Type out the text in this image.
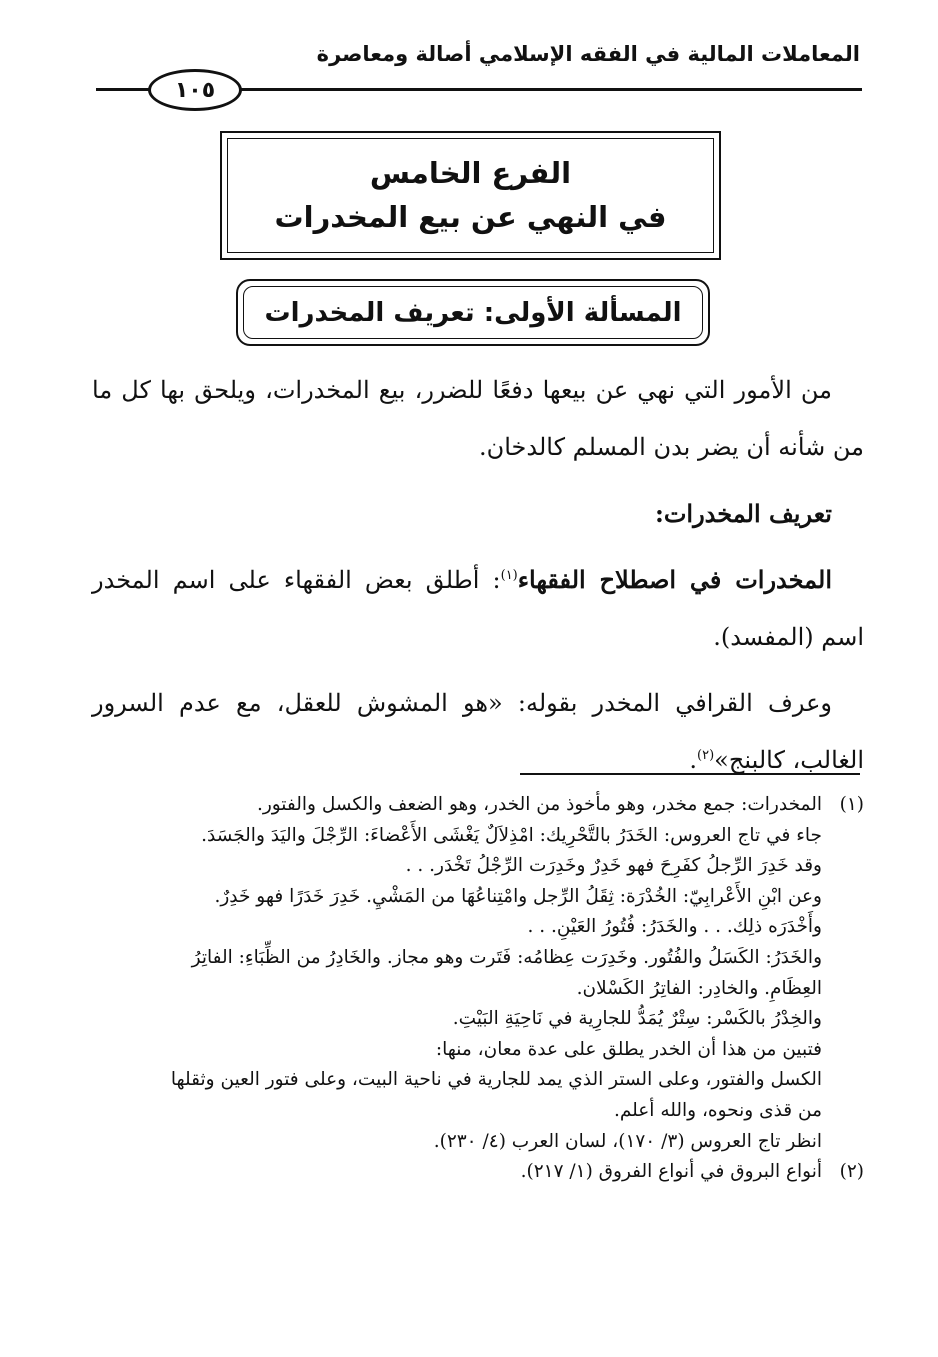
المعاملات المالية في الفقه الإسلامي أصالة ومعاصرة
١٠٥
الفرع الخامس
في النهي عن بيع المخدرات
المسألة الأولى: تعريف المخدرات

من الأمور التي نهي عن بيعها دفعًا للضرر، بيع المخدرات، ويلحق بها كل ما من شأنه أن يضر بدن المسلم كالدخان.

تعريف المخدرات:

المخدرات في اصطلاح الفقهاء$^{(١)}$: أطلق بعض الفقهاء على اسم المخدر اسم (المفسد).

وعرف القرافي المخدر بقوله: «هو المشوش للعقل، مع عدم السرور الغالب، كالبنج»$^{(٢)}$.

(١)
المخدرات: جمع مخدر، وهو مأخوذ من الخدر، وهو الضعف والكسل والفتور.
جاء في تاج العروس: الخَدَرُ بالتَّحْرِيك: امْذِلاَلٌ يَغْشَى الأَعْضاءَ: الرِّجْلَ واليَدَ والجَسَدَ.
وقد خَدِرَ الرِّجلُ كفَرِحَ فهو خَدِرٌ وخَدِرَت الرِّجْلُ تَخْدَر. . .
وعن ابْنِ الأَعْرابِيّ: الخُدْرَة: ثِقَلُ الرِّجل وامْتِناعُهَا من المَشْيِ. خَدِرَ خَدَرًا فهو خَدِرٌ.
وأَخْدَرَه ذلِك. . . والخَدَرُ: فُتُورُ العَيْنِ. . .
والخَدَرُ: الكَسَلُ والفُتُور. وخَدِرَت عِظامُه: فَتَرت وهو مجاز. والخَادِرُ من الظِّبَاءِ: الفاتِرُ
العِظَامِ. والخادِر: الفاتِرُ الكَسْلان.
والخِدْرُ بالكَسْر: سِتْرٌ يُمَدُّ للجارِية في نَاحِيَةِ البَيْتِ.
فتبين من هذا أن الخدر يطلق على عدة معان، منها:
الكسل والفتور، وعلى الستر الذي يمد للجارية في ناحية البيت، وعلى فتور العين وثقلها
من قذى ونحوه، والله أعلم.
انظر تاج العروس (٣/ ١٧٠)، لسان العرب (٤/ ٢٣٠).
(٢)
أنواع البروق في أنواع الفروق (١/ ٢١٧).
